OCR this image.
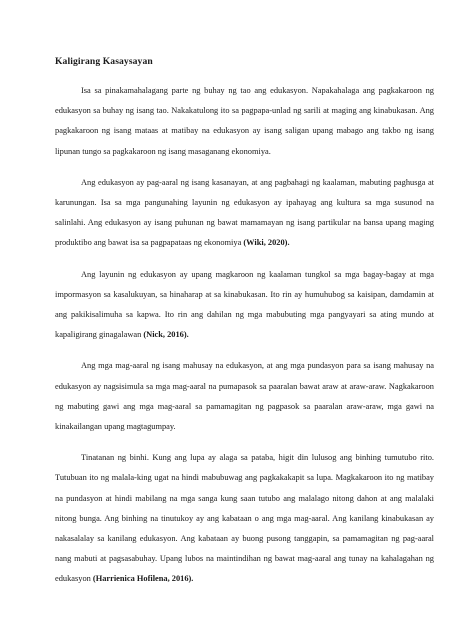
Kaligirang Kasaysayan

Isa sa pinakamahalagang parte ng buhay ng tao ang edukasyon. Napakahalaga ang pagkakaroon ng edukasyon sa buhay ng isang tao. Nakakatulong ito sa pagpapa-unlad ng sarili at maging ang kinabukasan. Ang pagkakaroon ng isang mataas at matibay na edukasyon ay isang saligan upang mabago ang takbo ng isang lipunan tungo sa pagkakaroon ng isang masaganang ekonomiya.

Ang edukasyon ay pag-aaral ng isang kasanayan, at ang pagbahagi ng kaalaman, mabuting paghusga at karunungan. Isa sa mga pangunahing layunin ng edukasyon ay ipahayag ang kultura sa mga susunod na salinlahi. Ang edukasyon ay isang puhunan ng bawat mamamayan ng isang partikular na bansa upang maging produktibo ang bawat isa sa pagpapataas ng ekonomiya (Wiki, 2020).

Ang layunin ng edukasyon ay upang magkaroon ng kaalaman tungkol sa mga bagay-bagay at mga impormasyon sa kasalukuyan, sa hinaharap at sa kinabukasan. Ito rin ay humuhubog sa kaisipan, damdamin at ang pakikisalimuha sa kapwa. Ito rin ang dahilan ng mga mabubuting mga pangyayari sa ating mundo at kapaligirang ginagalawan (Nick, 2016).

Ang mga mag-aaral ng isang mahusay na edukasyon, at ang mga pundasyon para sa isang mahusay na edukasyon ay nagsisimula sa mga mag-aaral na pumapasok sa paaralan bawat araw at araw-araw. Nagkakaroon ng mabuting gawi ang mga mag-aaral sa pamamagitan ng pagpasok sa paaralan araw-araw, mga gawi na kinakailangan upang magtagumpay.

Tinatanan ng binhi. Kung ang lupa ay alaga sa pataba, higit din lulusog ang binhing tumutubo rito. Tutubuan ito ng malala-king ugat na hindi mabubuwag ang pagkakakapit sa lupa. Magkakaroon ito ng matibay na pundasyon at hindi mabilang na mga sanga kung saan tutubo ang malalago nitong dahon at ang malalaki nitong bunga. Ang binhing na tinutukoy ay ang kabataan o ang mga mag-aaral. Ang kanilang kinabukasan ay nakasalalay sa kanilang edukasyon. Ang kabataan ay buong pusong tanggapin, sa pamamagitan ng pag-aaral nang mabuti at pagsasabuhay. Upang lubos na maintindihan ng bawat mag-aaral ang tunay na kahalagahan ng edukasyon (Harrienica Hofilena, 2016).
